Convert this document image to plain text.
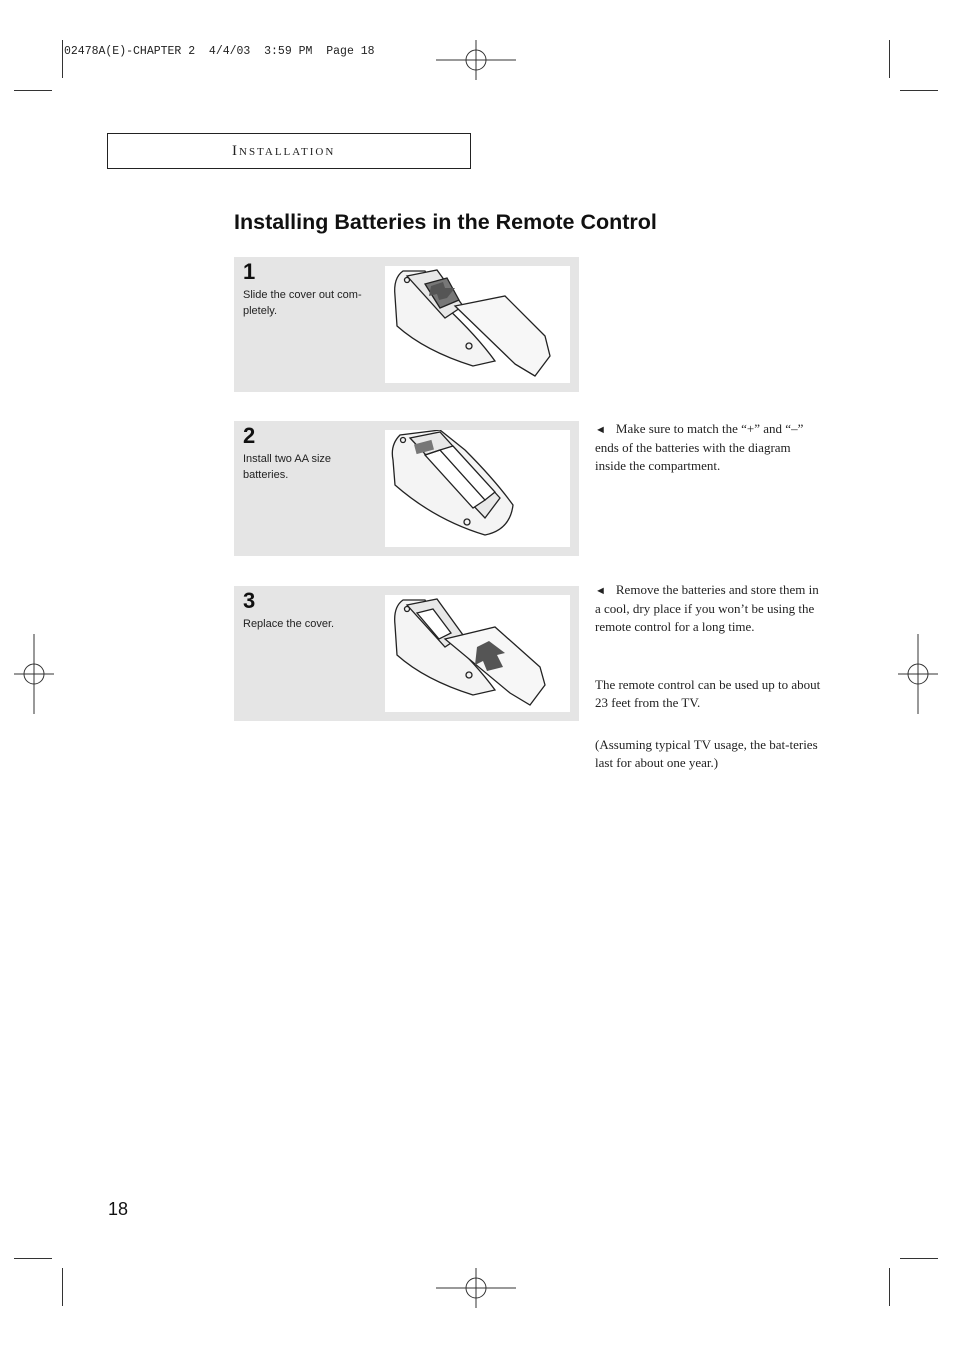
02478A(E)-CHAPTER 2  4/4/03  3:59 PM  Page 18
Installation
Installing Batteries in the Remote Control
1
Slide the cover out com-pletely.
2
Install two AA size batteries.
3
Replace the cover.
◄ Make sure to match the “+” and “–” ends of the batteries with the diagram inside the compartment.
◄ Remove the batteries and store them in a cool, dry place if you won’t be using the remote control for a long time.
The remote control can be used up to about 23 feet from the TV.
(Assuming typical TV usage, the bat-teries last for about one year.)
18
